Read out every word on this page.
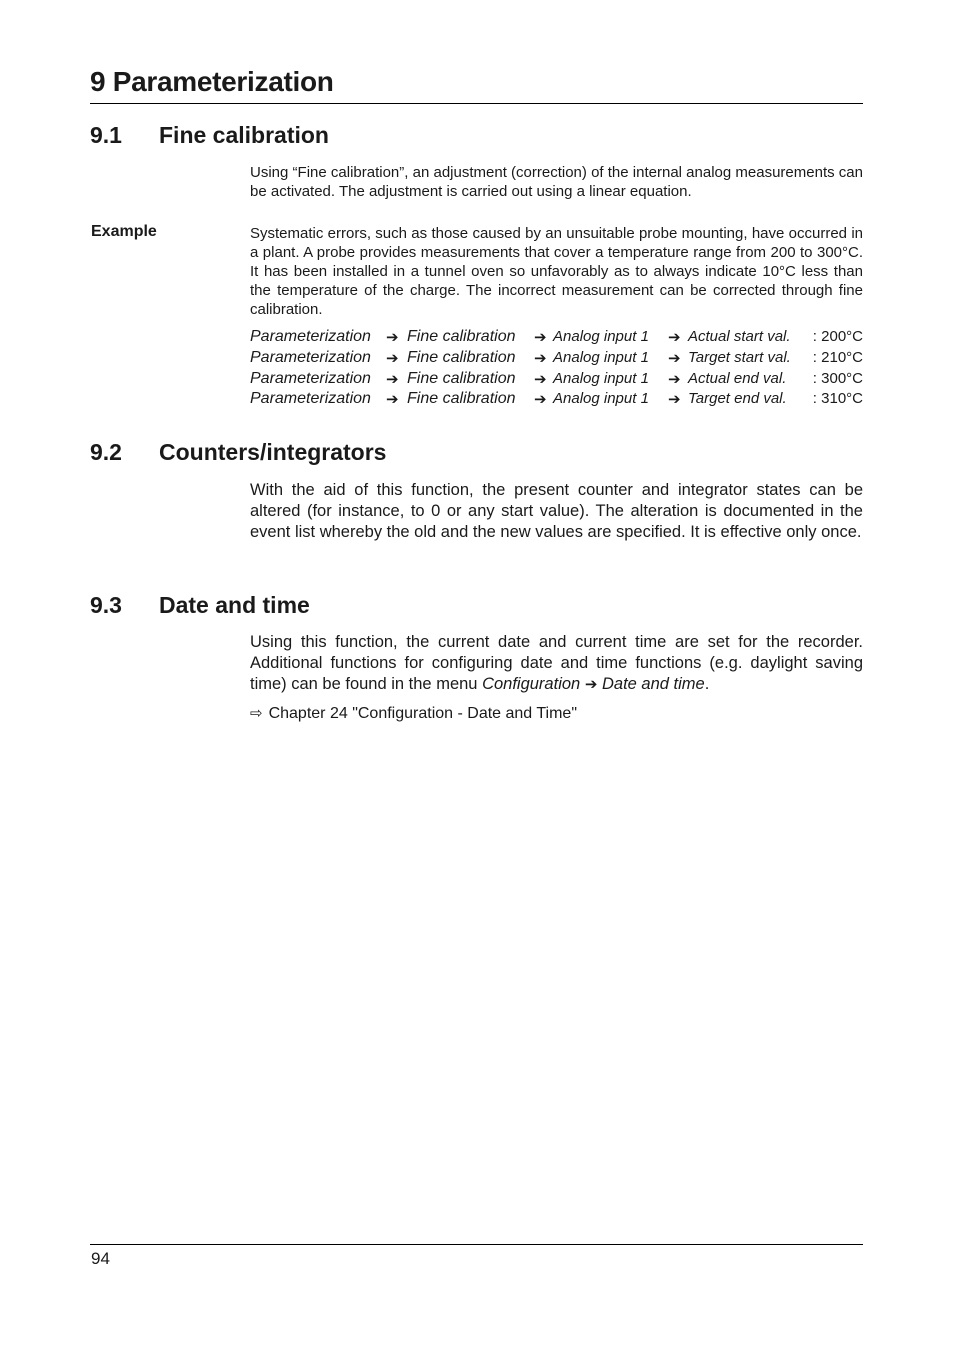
9 Parameterization
9.1 Fine calibration
Using “Fine calibration”, an adjustment (correction) of the internal analog measurements can be activated. The adjustment is carried out using a linear equation.
Example	Systematic errors, such as those caused by an unsuitable probe mounting, have occurred in a plant. A probe provides measurements that cover a temperature range from 200 to 300°C. It has been installed in a tunnel oven so unfavorably as to always indicate 10°C less than the temperature of the charge. The incorrect measurement can be corrected through fine calibration.
Parameterization ➔ Fine calibration ➔ Analog input 1 ➔ Actual start val. : 200°C
Parameterization ➔ Fine calibration ➔ Analog input 1 ➔ Target start val. : 210°C
Parameterization ➔ Fine calibration ➔ Analog input 1 ➔ Actual end val. : 300°C
Parameterization ➔ Fine calibration ➔ Analog input 1 ➔ Target end val. : 310°C
9.2 Counters/integrators
With the aid of this function, the present counter and integrator states can be altered (for instance, to 0 or any start value). The alteration is documented in the event list whereby the old and the new values are specified. It is effective only once.
9.3 Date and time
Using this function, the current date and current time are set for the recorder. Additional functions for configuring date and time functions (e.g. daylight saving time) can be found in the menu Configuration ➔ Date and time.
⇨ Chapter 24 "Configuration - Date and Time"
94
